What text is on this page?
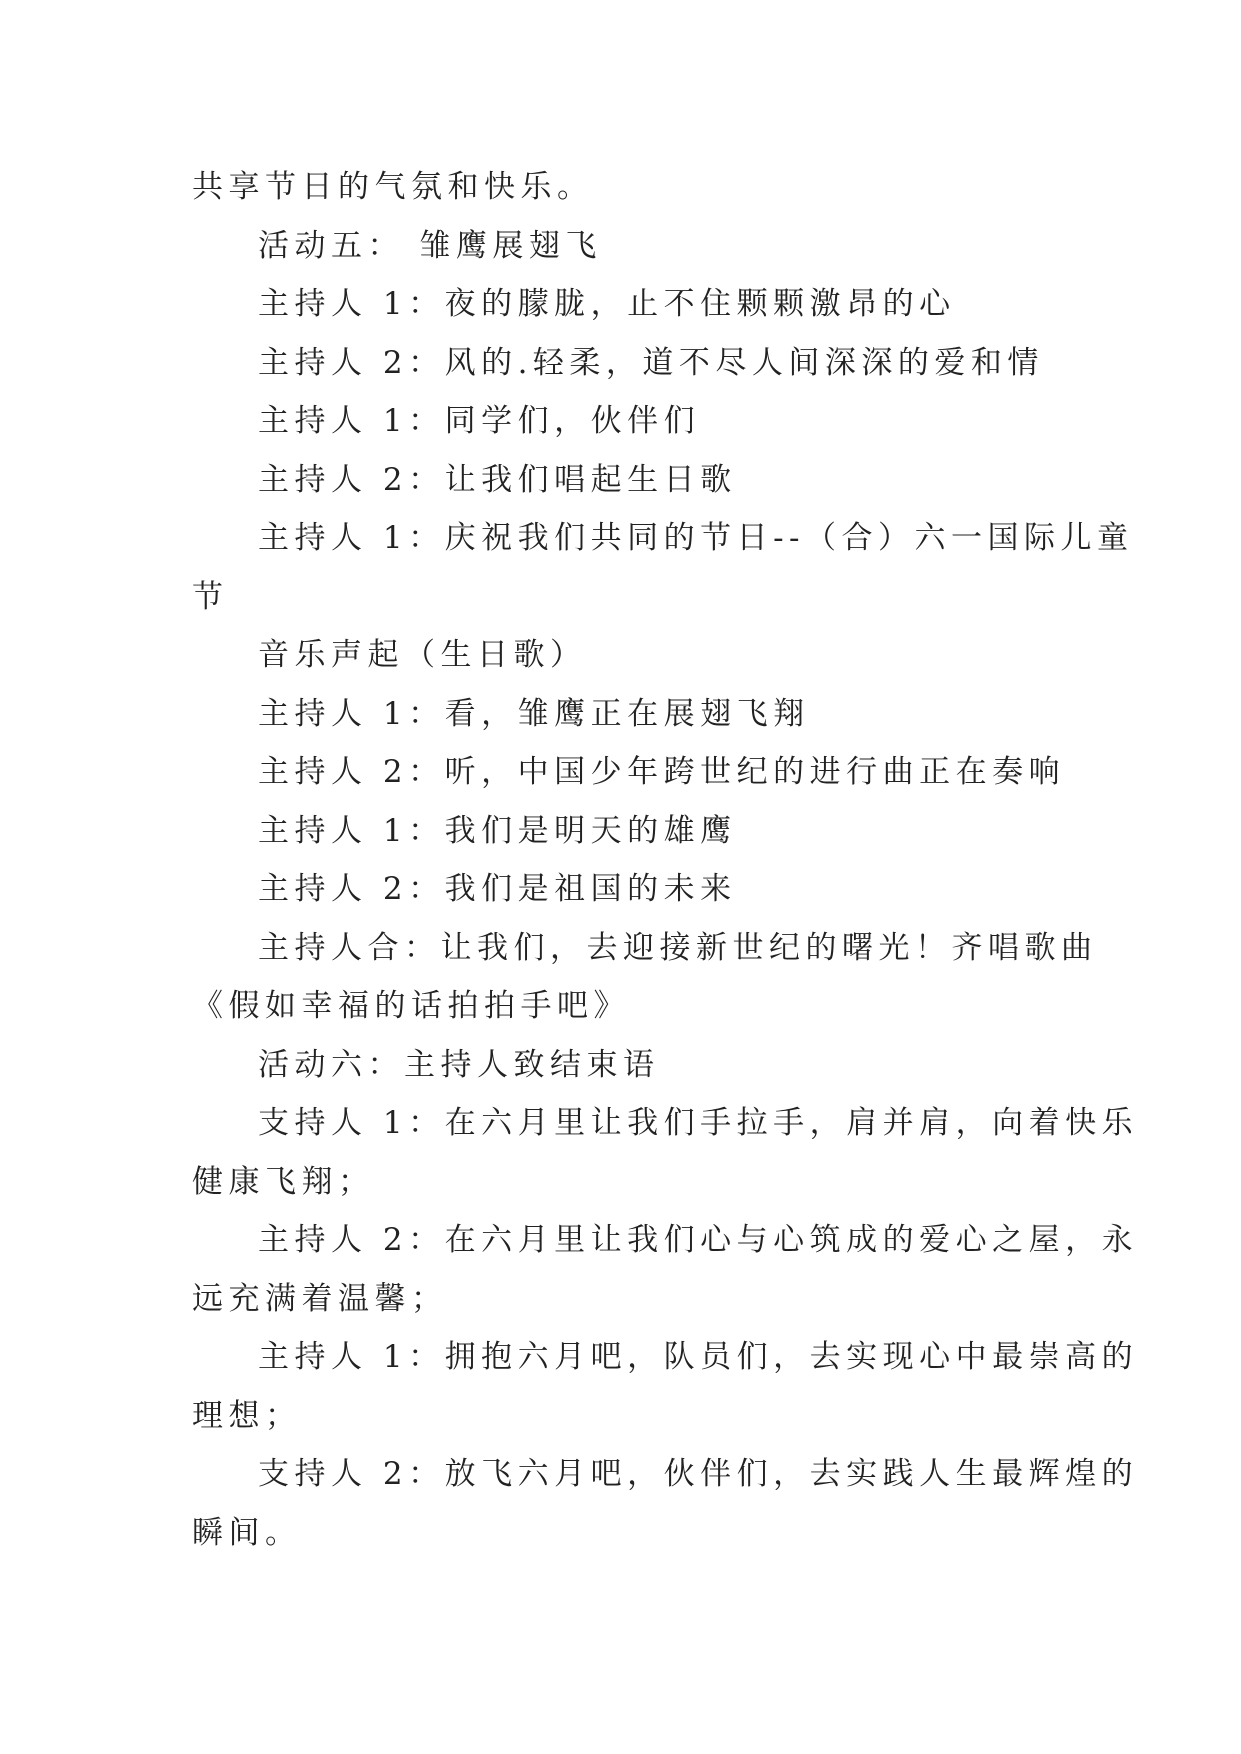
共享节日的气氛和快乐。

活动五： 雏鹰展翅飞

主持人 1：夜的朦胧，止不住颗颗激昂的心

主持人 2：风的.轻柔，道不尽人间深深的爱和情

主持人 1：同学们，伙伴们

主持人 2：让我们唱起生日歌

主持人 1：庆祝我们共同的节日--（合）六一国际儿童
节

音乐声起（生日歌）

主持人 1：看，雏鹰正在展翅飞翔

主持人 2：听，中国少年跨世纪的进行曲正在奏响

主持人 1：我们是明天的雄鹰

主持人 2：我们是祖国的未来

主持人合：让我们，去迎接新世纪的曙光！齐唱歌曲
《假如幸福的话拍拍手吧》

活动六：主持人致结束语

支持人 1：在六月里让我们手拉手，肩并肩，向着快乐
健康飞翔；
主持人 2：在六月里让我们心与心筑成的爱心之屋，永
远充满着温馨；
主持人 1：拥抱六月吧，队员们，去实现心中最崇高的
理想；
支持人 2：放飞六月吧，伙伴们，去实践人生最辉煌的
瞬间。
